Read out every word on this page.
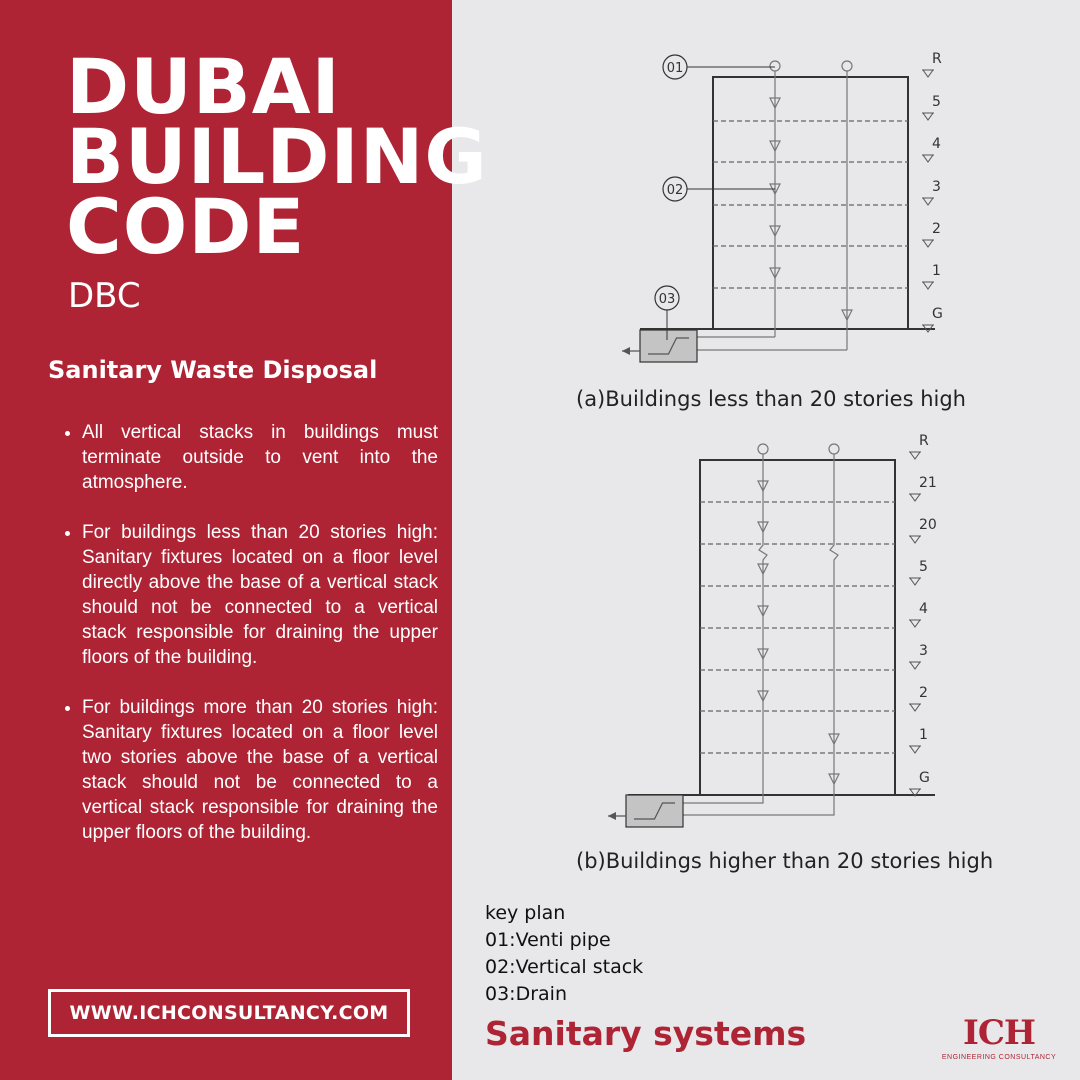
DUBAI
BUILDING
CODE
DBC
Sanitary Waste Disposal
• All vertical stacks in buildings must terminate outside to vent into the atmosphere.
• For buildings less than 20 stories high: Sanitary fixtures located on a floor level directly above the base of a vertical stack should not be connected to a vertical stack responsible for draining the upper floors of the building.
• For buildings more than 20 stories high: Sanitary fixtures located on a floor level two stories above the base of a vertical stack should not be connected to a vertical stack responsible for draining the upper floors of the building.
WWW.ICHCONSULTANCY.COM
R
5
4
3
2
1
G
01
02
03
R
21
20
5
4
3
2
1
G
(a)Buildings less than 20 stories high
(b)Buildings higher than 20 stories high
key plan
01:Venti pipe
02:Vertical stack
03:Drain
Sanitary systems	ICH
ENGINEERING CONSULTANCY
